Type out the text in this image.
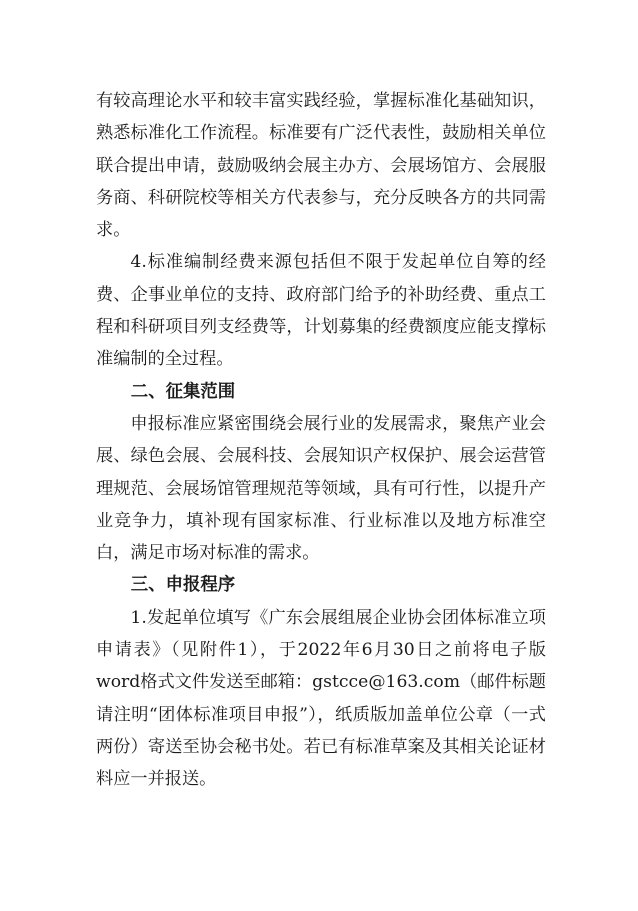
有较高理论水平和较丰富实践经验，掌握标准化基础知识，熟悉标准化工作流程。标准要有广泛代表性，鼓励相关单位联合提出申请，鼓励吸纳会展主办方、会展场馆方、会展服务商、科研院校等相关方代表参与，充分反映各方的共同需求。

4.标准编制经费来源包括但不限于发起单位自筹的经费、企事业单位的支持、政府部门给予的补助经费、重点工程和科研项目列支经费等，计划募集的经费额度应能支撑标准编制的全过程。

二、征集范围

申报标准应紧密围绕会展行业的发展需求，聚焦产业会展、绿色会展、会展科技、会展知识产权保护、展会运营管理规范、会展场馆管理规范等领域，具有可行性，以提升产业竞争力，填补现有国家标准、行业标准以及地方标准空白，满足市场对标准的需求。

三、申报程序

1.发起单位填写《广东会展组展企业协会团体标准立项申请表》（见附件1），于2022年6月30日之前将电子版word格式文件发送至邮箱：gstcce@163.com（邮件标题请注明“团体标准项目申报”），纸质版加盖单位公章（一式两份）寄送至协会秘书处。若已有标准草案及其相关论证材料应一并报送。
